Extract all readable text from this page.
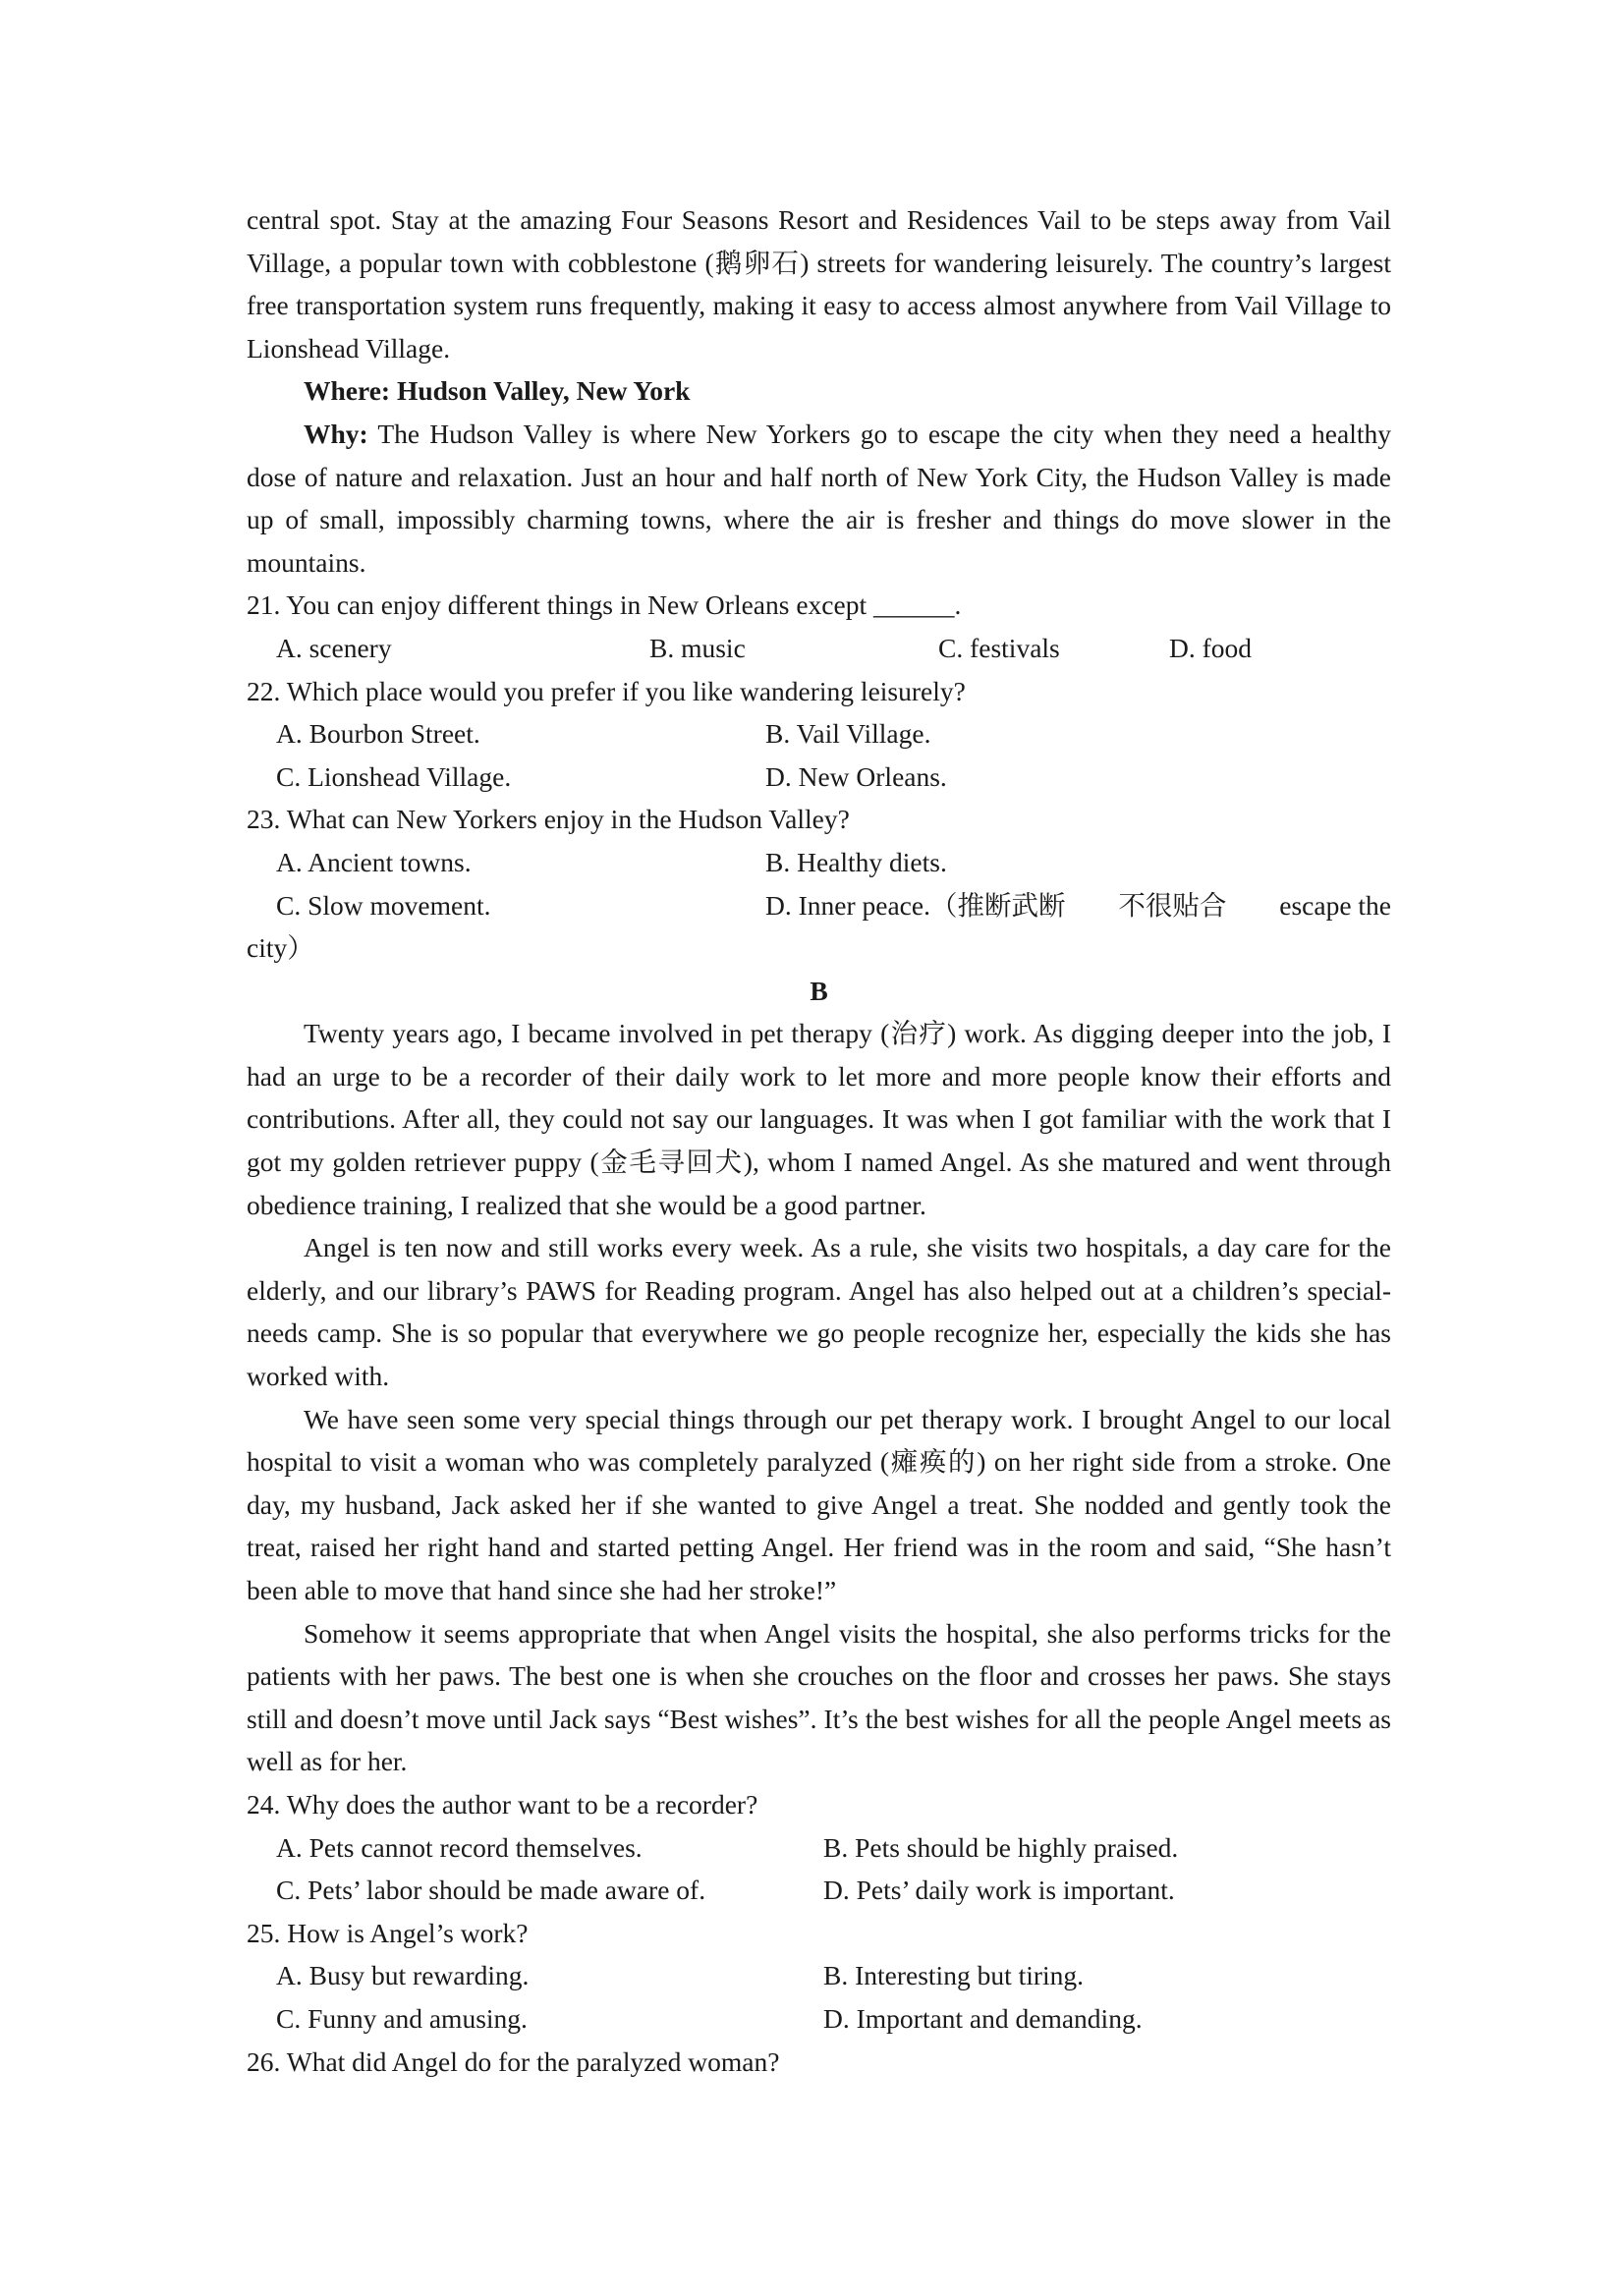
central spot. Stay at the amazing Four Seasons Resort and Residences Vail to be steps away from Vail Village, a popular town with cobblestone (鹅卵石) streets for wandering leisurely. The country’s largest free transportation system runs frequently, making it easy to access almost anywhere from Vail Village to Lionshead Village.

Where: Hudson Valley, New York

Why: The Hudson Valley is where New Yorkers go to escape the city when they need a healthy dose of nature and relaxation. Just an hour and half north of New York City, the Hudson Valley is made up of small, impossibly charming towns, where the air is fresher and things do move slower in the mountains.

21. You can enjoy different things in New Orleans except ______.

A. scenery	B. music	C. festivals	D. food

22. Which place would you prefer if you like wandering leisurely?

A. Bourbon Street.	B. Vail Village.
C. Lionshead Village.	D. New Orleans.

23. What can New Yorkers enjoy in the Hudson Valley?

A. Ancient towns.	B. Healthy diets.
C. Slow movement.	D. Inner peace.（推断武断 不很贴合 escape the

city）

B

Twenty years ago, I became involved in pet therapy (治疗) work. As digging deeper into the job, I had an urge to be a recorder of their daily work to let more and more people know their efforts and contributions. After all, they could not say our languages. It was when I got familiar with the work that I got my golden retriever puppy (金毛寻回犬), whom I named Angel. As she matured and went through obedience training, I realized that she would be a good partner.

Angel is ten now and still works every week. As a rule, she visits two hospitals, a day care for the elderly, and our library’s PAWS for Reading program. Angel has also helped out at a children’s special-needs camp. She is so popular that everywhere we go people recognize her, especially the kids she has worked with.

We have seen some very special things through our pet therapy work. I brought Angel to our local hospital to visit a woman who was completely paralyzed (瘫痪的) on her right side from a stroke. One day, my husband, Jack asked her if she wanted to give Angel a treat. She nodded and gently took the treat, raised her right hand and started petting Angel. Her friend was in the room and said, “She hasn’t been able to move that hand since she had her stroke!”

Somehow it seems appropriate that when Angel visits the hospital, she also performs tricks for the patients with her paws. The best one is when she crouches on the floor and crosses her paws. She stays still and doesn’t move until Jack says “Best wishes”. It’s the best wishes for all the people Angel meets as well as for her.

24. Why does the author want to be a recorder?

A. Pets cannot record themselves.	B. Pets should be highly praised.
C. Pets’ labor should be made aware of.	D. Pets’ daily work is important.

25. How is Angel’s work?

A. Busy but rewarding.	B. Interesting but tiring.
C. Funny and amusing.	D. Important and demanding.

26. What did Angel do for the paralyzed woman?
